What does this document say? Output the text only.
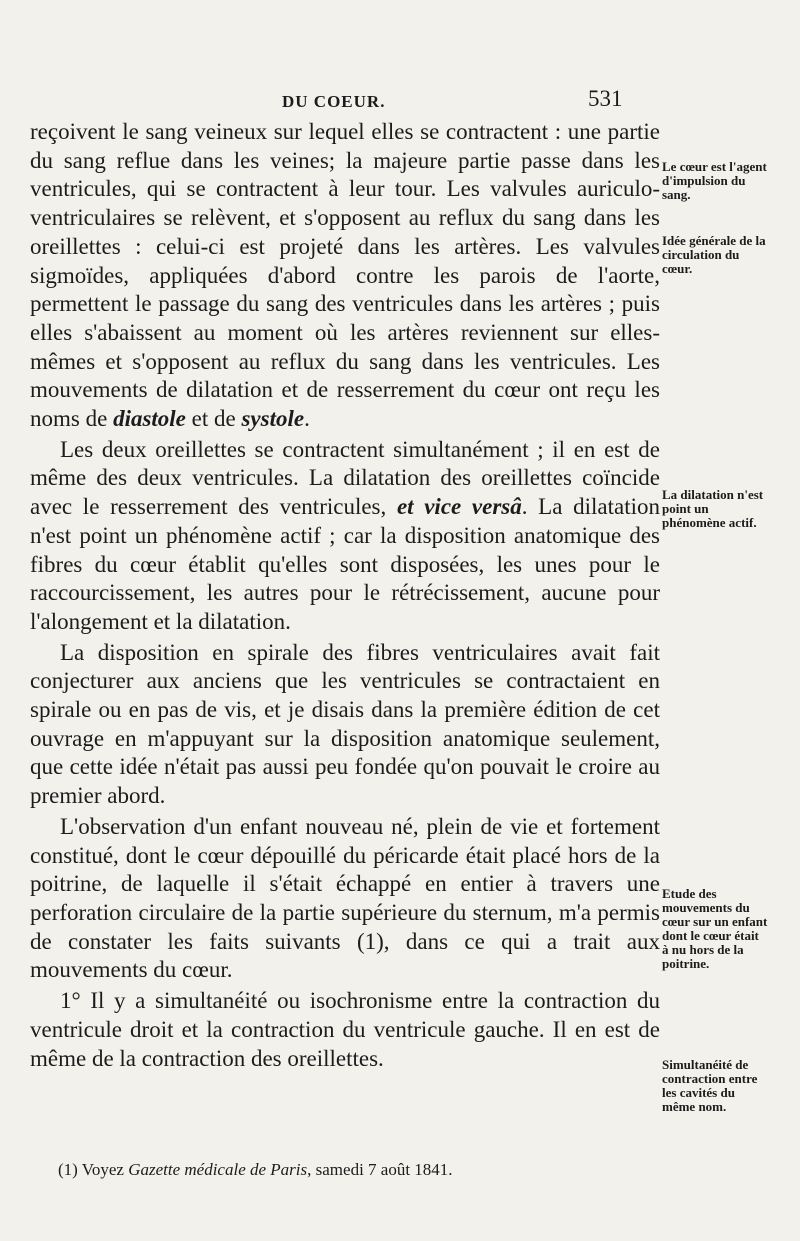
DU COEUR.	531

reçoivent le sang veineux sur lequel elles se contractent : une partie du sang reflue dans les veines; la majeure partie passe dans les ventricules, qui se contractent à leur tour. Les valvules auriculo-ventriculaires se relèvent, et s'opposent au reflux du sang dans les oreillettes : celui-ci est projeté dans les artères. Les valvules sigmoïdes, appliquées d'abord contre les parois de l'aorte, permettent le passage du sang des ventricules dans les artères ; puis elles s'abaissent au moment où les artères reviennent sur elles-mêmes et s'opposent au reflux du sang dans les ventricules. Les mouvements de dilatation et de resserrement du cœur ont reçu les noms de diastole et de systole.

Les deux oreillettes se contractent simultanément ; il en est de même des deux ventricules. La dilatation des oreillettes coïncide avec le resserrement des ventricules, et vice versâ. La dilatation n'est point un phénomène actif ; car la disposition anatomique des fibres du cœur établit qu'elles sont disposées, les unes pour le raccourcissement, les autres pour le rétrécissement, aucune pour l'alongement et la dilatation.

La disposition en spirale des fibres ventriculaires avait fait conjecturer aux anciens que les ventricules se contractaient en spirale ou en pas de vis, et je disais dans la première édition de cet ouvrage en m'appuyant sur la disposition anatomique seulement, que cette idée n'était pas aussi peu fondée qu'on pouvait le croire au premier abord.

L'observation d'un enfant nouveau né, plein de vie et fortement constitué, dont le cœur dépouillé du péricarde était placé hors de la poitrine, de laquelle il s'était échappé en entier à travers une perforation circulaire de la partie supérieure du sternum, m'a permis de constater les faits suivants (1), dans ce qui a trait aux mouvements du cœur.

1° Il y a simultanéité ou isochronisme entre la contraction du ventricule droit et la contraction du ventricule gauche. Il en est de même de la contraction des oreillettes.

Le cœur est l'agent d'impulsion du sang.
Idée générale de la circulation du cœur.
La dilatation n'est point un phénomène actif.
Etude des mouvements du cœur sur un enfant dont le cœur était à nu hors de la poitrine.
Simultanéité de contraction entre les cavités du même nom.
(1) Voyez Gazette médicale de Paris, samedi 7 août 1841.
